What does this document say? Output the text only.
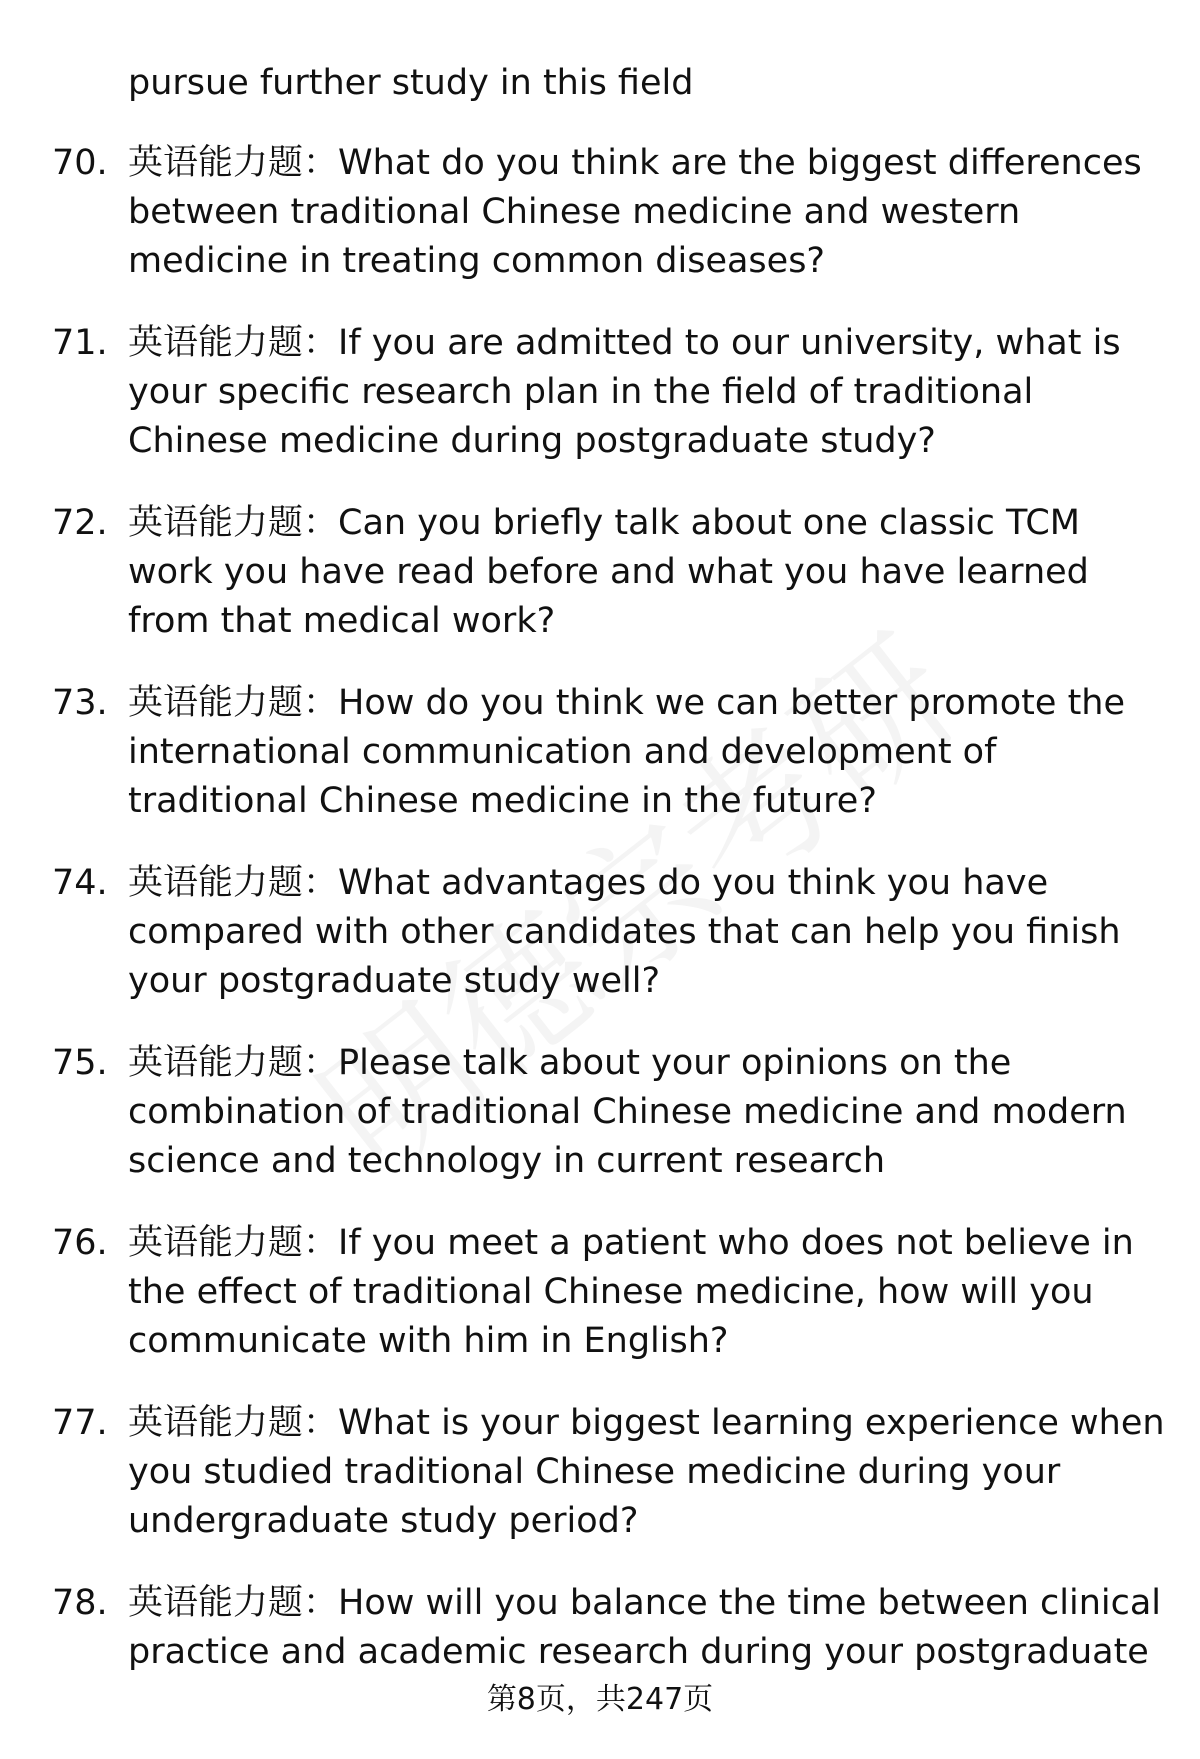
pursue further study in this field
70. 英语能力题：What do you think are the biggest differences
between traditional Chinese medicine and western
medicine in treating common diseases?
71. 英语能力题：If you are admitted to our university, what is
your specific research plan in the field of traditional
Chinese medicine during postgraduate study?
72. 英语能力题：Can you briefly talk about one classic TCM
work you have read before and what you have learned
from that medical work?
73. 英语能力题：How do you think we can better promote the
international communication and development of
traditional Chinese medicine in the future?
74. 英语能力题：What advantages do you think you have
compared with other candidates that can help you finish
your postgraduate study well?
75. 英语能力题：Please talk about your opinions on the
combination of traditional Chinese medicine and modern
science and technology in current research
76. 英语能力题：If you meet a patient who does not believe in
the effect of traditional Chinese medicine, how will you
communicate with him in English?
77. 英语能力题：What is your biggest learning experience when
you studied traditional Chinese medicine during your
undergraduate study period?
78. 英语能力题：How will you balance the time between clinical
practice and academic research during your postgraduate
第8页，共247页
